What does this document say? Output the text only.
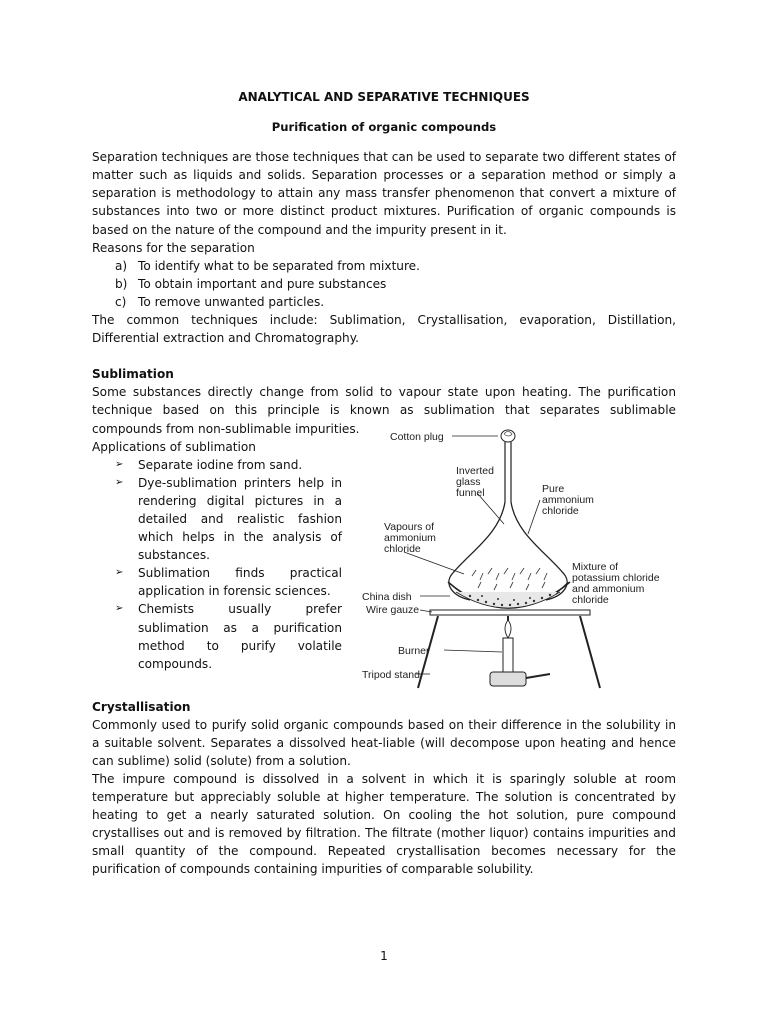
ANALYTICAL AND SEPARATIVE TECHNIQUES
Purification of organic compounds

Separation techniques are those techniques that can be used to separate two different states of matter such as liquids and solids. Separation processes or a separation method or simply a separation is methodology to attain any mass transfer phenomenon that convert a mixture of substances into two or more distinct product mixtures. Purification of organic compounds is based on the nature of the compound and the impurity present in it.

Reasons for the separation
a) To identify what to be separated from mixture.
b) To obtain important and pure substances
c) To remove unwanted particles.

The common techniques include: Sublimation, Crystallisation, evaporation, Distillation, Differential extraction and Chromatography.

Sublimation

Some substances directly change from solid to vapour state upon heating. The purification technique based on this principle is known as sublimation that separates sublimable compounds from non-sublimable impurities.

Applications of sublimation
➢ Separate iodine from sand.
➢ Dye-sublimation printers help in rendering digital pictures in a detailed and realistic fashion which helps in the analysis of substances.
➢ Sublimation finds practical application in forensic sciences.
➢ Chemists usually prefer sublimation as a purification method to purify volatile compounds.
Cotton plug
Inverted
glass
funnel	Pure
ammonium
chloride
Vapours of
ammonium
chloride
Mixture of
potassium chloride
and ammonium
chloride
China dish
Wire gauze
Burner
Tripod stand
Crystallisation

Commonly used to purify solid organic compounds based on their difference in the solubility in a suitable solvent. Separates a dissolved heat-liable (will decompose upon heating and hence can sublime) solid (solute) from a solution.

The impure compound is dissolved in a solvent in which it is sparingly soluble at room temperature but appreciably soluble at higher temperature. The solution is concentrated by heating to get a nearly saturated solution. On cooling the hot solution, pure compound crystallises out and is removed by filtration. The filtrate (mother liquor) contains impurities and small quantity of the compound. Repeated crystallisation becomes necessary for the purification of compounds containing impurities of comparable solubility.

1
